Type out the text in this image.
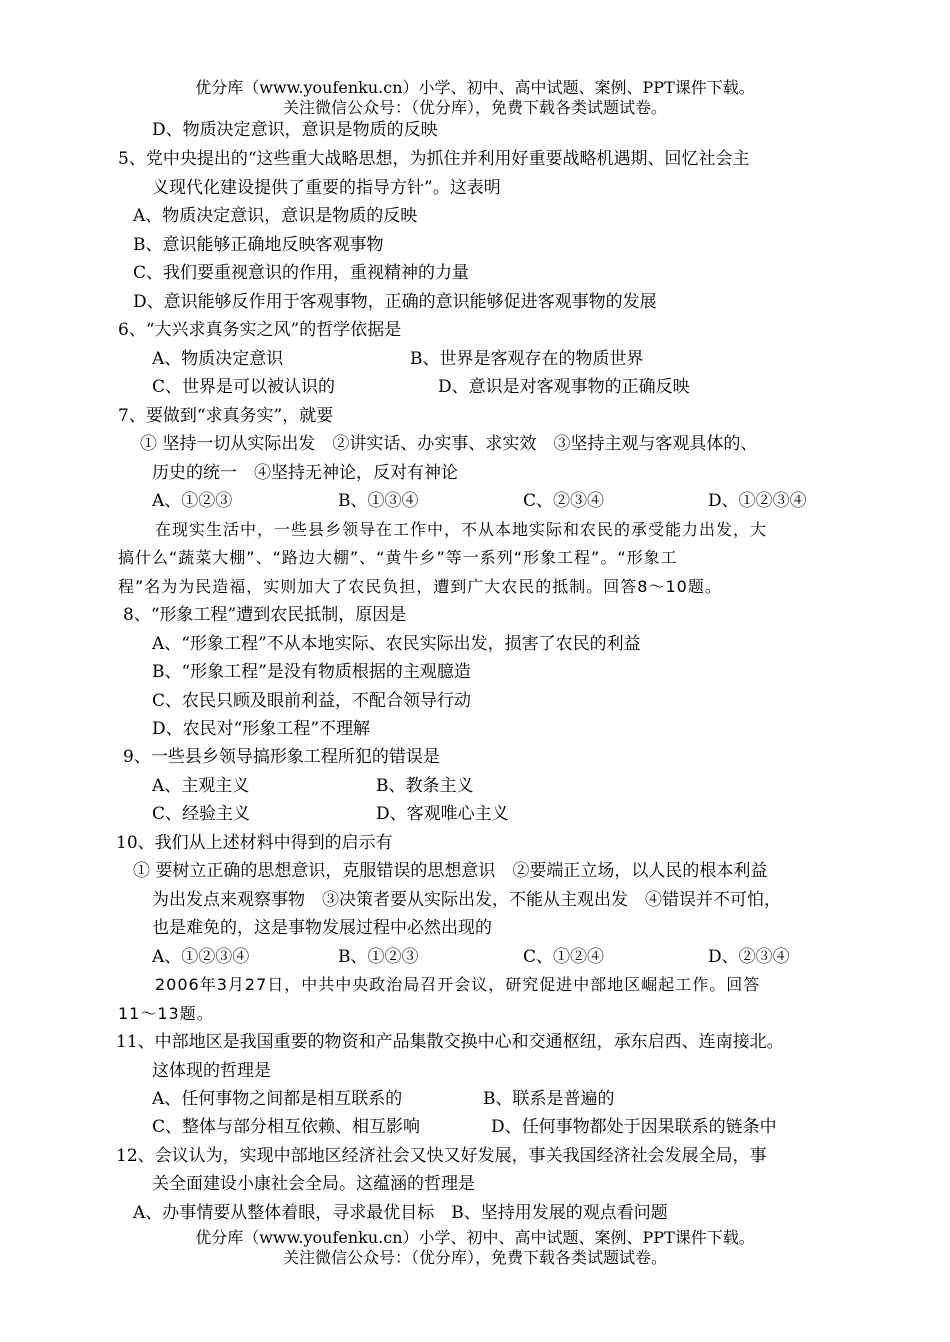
优分库（www.youfenku.cn）小学、初中、高中试题、案例、PPT课件下载。
关注微信公众号：（优分库），免费下载各类试题试卷。
D、物质决定意识，意识是物质的反映
5、党中央提出的“这些重大战略思想，为抓住并利用好重要战略机遇期、回忆社会主
义现代化建设提供了重要的指导方针”。这表明
A、物质决定意识，意识是物质的反映
B、意识能够正确地反映客观事物
C、我们要重视意识的作用，重视精神的力量
D、意识能够反作用于客观事物，正确的意识能够促进客观事物的发展
6、“大兴求真务实之风”的哲学依据是
A、物质决定意识	B、世界是客观存在的物质世界
C、世界是可以被认识的	D、意识是对客观事物的正确反映
7、要做到“求真务实”，就要
① 坚持一切从实际出发　②讲实话、办实事、求实效　③坚持主观与客观具体的、
历史的统一　④坚持无神论，反对有神论
A、①②③	B、①③④	C、②③④	D、①②③④
在现实生活中，一些县乡领导在工作中，不从本地实际和农民的承受能力出发，大
搞什么“蔬菜大棚”、“路边大棚”、“黄牛乡”等一系列“形象工程”。“形象工
程”名为为民造福，实则加大了农民负担，遭到广大农民的抵制。回答8～10题。
8、“形象工程”遭到农民抵制，原因是
A、“形象工程”不从本地实际、农民实际出发，损害了农民的利益
B、“形象工程”是没有物质根据的主观臆造
C、农民只顾及眼前利益，不配合领导行动
D、农民对“形象工程”不理解
9、一些县乡领导搞形象工程所犯的错误是
A、主观主义	B、教条主义
C、经验主义	D、客观唯心主义
10、我们从上述材料中得到的启示有
① 要树立正确的思想意识，克服错误的思想意识　②要端正立场，以人民的根本利益
为出发点来观察事物　③决策者要从实际出发，不能从主观出发　④错误并不可怕，
也是难免的，这是事物发展过程中必然出现的
A、①②③④	B、①②③	C、①②④	D、②③④
2006年3月27日，中共中央政治局召开会议，研究促进中部地区崛起工作。回答
11～13题。
11、中部地区是我国重要的物资和产品集散交换中心和交通枢纽，承东启西、连南接北。
这体现的哲理是
A、任何事物之间都是相互联系的	B、联系是普遍的
C、整体与部分相互依赖、相互影响	D、任何事物都处于因果联系的链条中
12、会议认为，实现中部地区经济社会又快又好发展，事关我国经济社会发展全局，事
关全面建设小康社会全局。这蕴涵的哲理是
A、办事情要从整体着眼，寻求最优目标　B、坚持用发展的观点看问题
优分库（www.youfenku.cn）小学、初中、高中试题、案例、PPT课件下载。
关注微信公众号：（优分库），免费下载各类试题试卷。
